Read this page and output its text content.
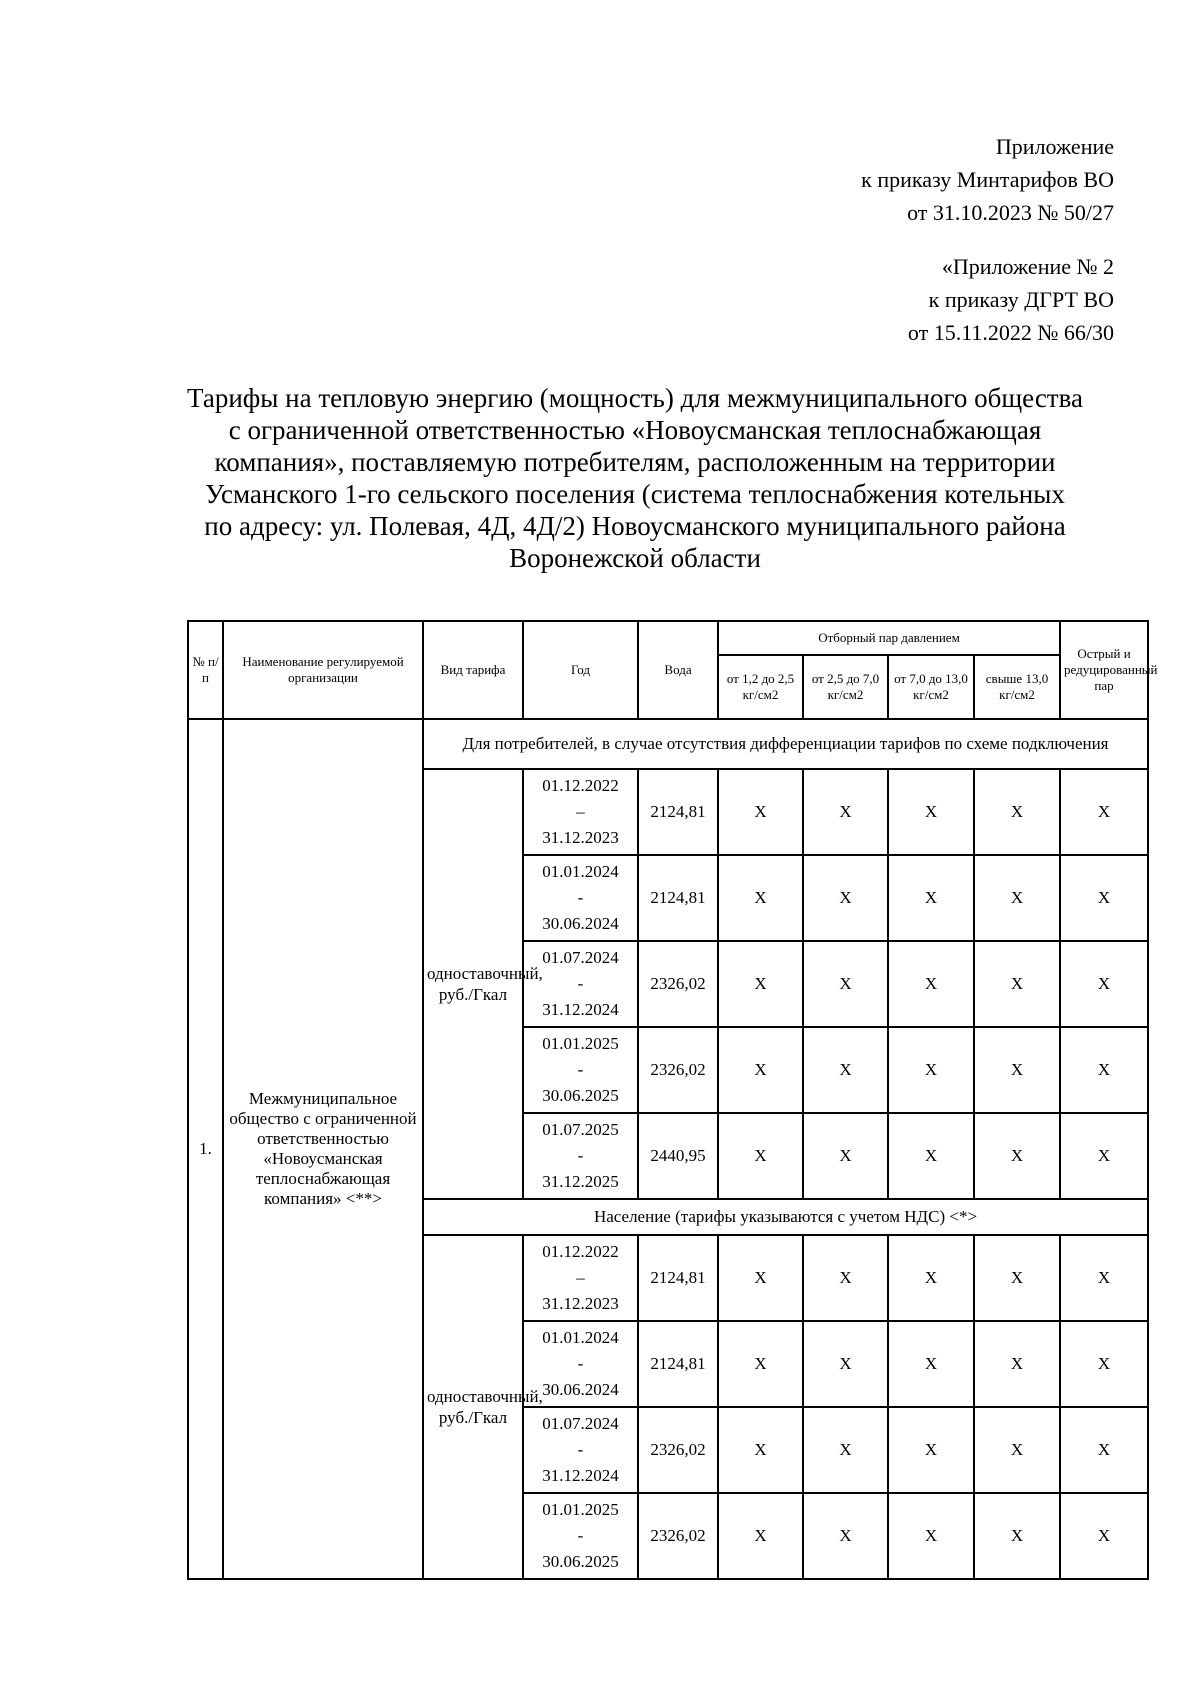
Приложение
к приказу Минтарифов ВО
от 31.10.2023 № 50/27
«Приложение № 2
к приказу ДГРТ ВО
от 15.11.2022 № 66/30
Тарифы на тепловую энергию (мощность) для межмуниципального общества
с ограниченной ответственностью «Новоусманская теплоснабжающая
компания», поставляемую потребителям, расположенным на территории
Усманского 1-го сельского поселения (система теплоснабжения котельных
по адресу: ул. Полевая, 4Д, 4Д/2) Новоусманского муниципального района
Воронежской области
№ п/п	Наименование регулируемой организации	Вид тарифа	Год	Вода	Отборный пар давлением				Острый и редуцированный пар
					от 1,2 до 2,5 кг/см2	от 2,5 до 7,0 кг/см2	от 7,0 до 13,0 кг/см2	свыше 13,0 кг/см2	
1.	Межмуниципальное общество с ограниченной ответственностью «Новоусманская теплоснабжающая компания» <**>	Для потребителей, в случае отсутствия дифференциации тарифов по схеме подключения							
		одноставочный, руб./Гкал	01.12.2022
–
31.12.2023	2124,81	X	X	X	X	X

			01.01.2024
-
30.06.2024	2124,81	X	X	X	X	X

			01.07.2024
-
31.12.2024	2326,02	X	X	X	X	X

			01.01.2025
-
30.06.2025	2326,02	X	X	X	X	X

			01.07.2025
-
31.12.2025	2440,95	X	X	X	X	X
		Население (тарифы указываются с учетом НДС) <*>							
		одноставочный, руб./Гкал	01.12.2022
–
31.12.2023	2124,81	X	X	X	X	X

			01.01.2024
-
30.06.2024	2124,81	X	X	X	X	X

			01.07.2024
-
31.12.2024	2326,02	X	X	X	X	X

			01.01.2025
-
30.06.2025	2326,02	X	X	X	X	X
